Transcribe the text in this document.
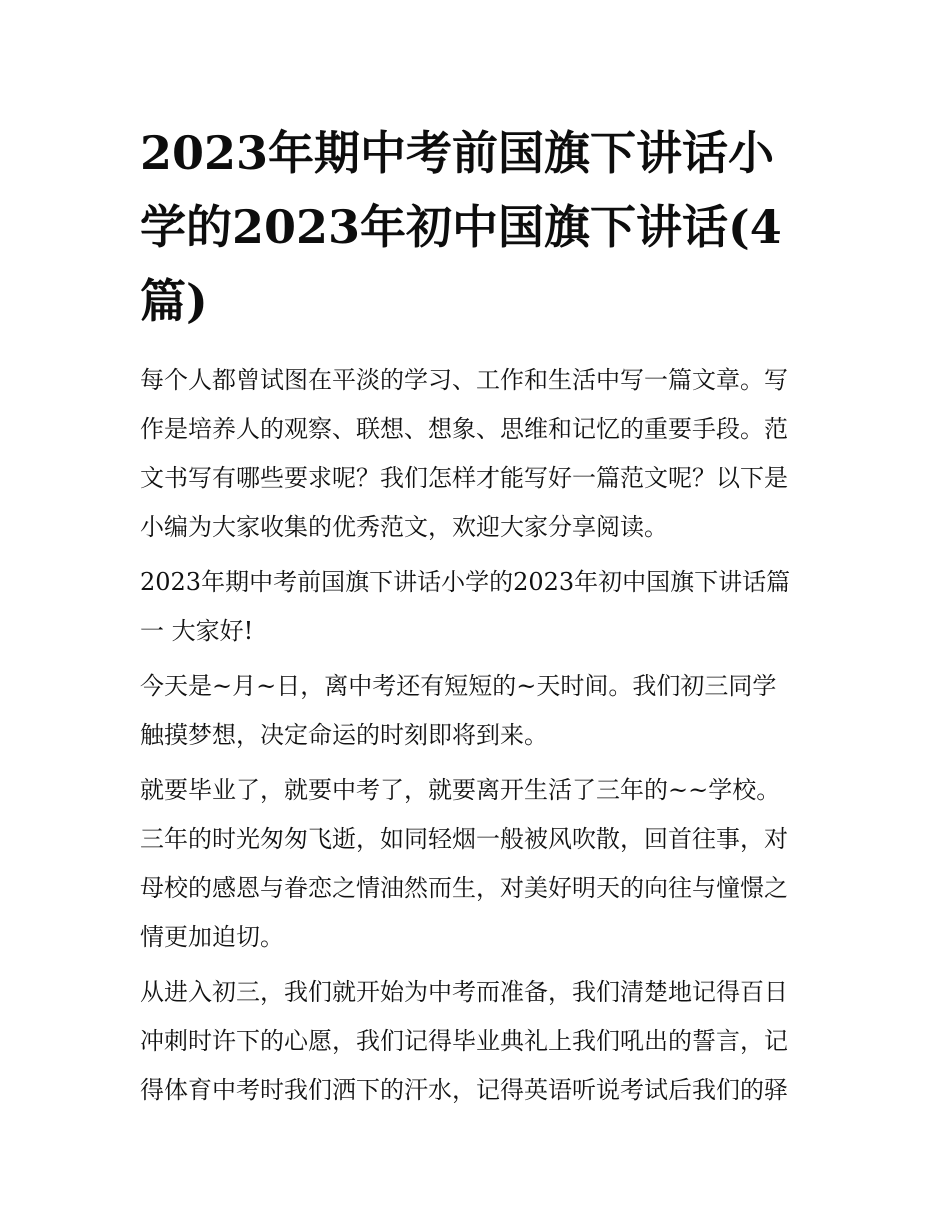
2023年期中考前国旗下讲话小
学的2023年初中国旗下讲话(4
篇)

每个人都曾试图在平淡的学习、工作和生活中写一篇文章。写
作是培养人的观察、联想、想象、思维和记忆的重要手段。范
文书写有哪些要求呢？我们怎样才能写好一篇范文呢？以下是
小编为大家收集的优秀范文，欢迎大家分享阅读。

2023年期中考前国旗下讲话小学的2023年初中国旗下讲话篇
一 大家好!

今天是~月~日，离中考还有短短的~天时间。我们初三同学
触摸梦想，决定命运的时刻即将到来。

就要毕业了，就要中考了，就要离开生活了三年的~~学校。
三年的时光匆匆飞逝，如同轻烟一般被风吹散，回首往事，对
母校的感恩与眷恋之情油然而生，对美好明天的向往与憧憬之
情更加迫切。

从进入初三，我们就开始为中考而准备，我们清楚地记得百日
冲刺时许下的心愿，我们记得毕业典礼上我们吼出的誓言，记
得体育中考时我们洒下的汗水，记得英语听说考试后我们的驿
